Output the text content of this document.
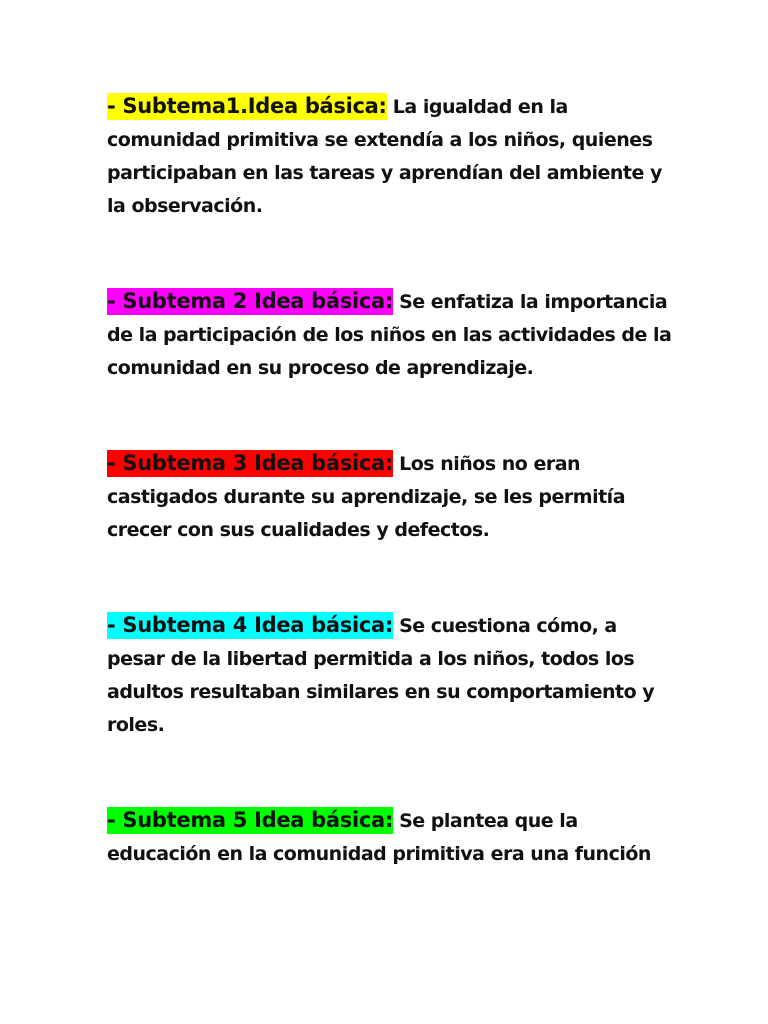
- Subtema1.Idea básica: La igualdad en la comunidad primitiva se extendía a los niños, quienes participaban en las tareas y aprendían del ambiente y la observación.

- Subtema 2 Idea básica: Se enfatiza la importancia de la participación de los niños en las actividades de la comunidad en su proceso de aprendizaje.

- Subtema 3 Idea básica: Los niños no eran castigados durante su aprendizaje, se les permitía crecer con sus cualidades y defectos.

- Subtema 4 Idea básica: Se cuestiona cómo, a pesar de la libertad permitida a los niños, todos los adultos resultaban similares en su comportamiento y roles.

- Subtema 5 Idea básica: Se plantea que la educación en la comunidad primitiva era una función
